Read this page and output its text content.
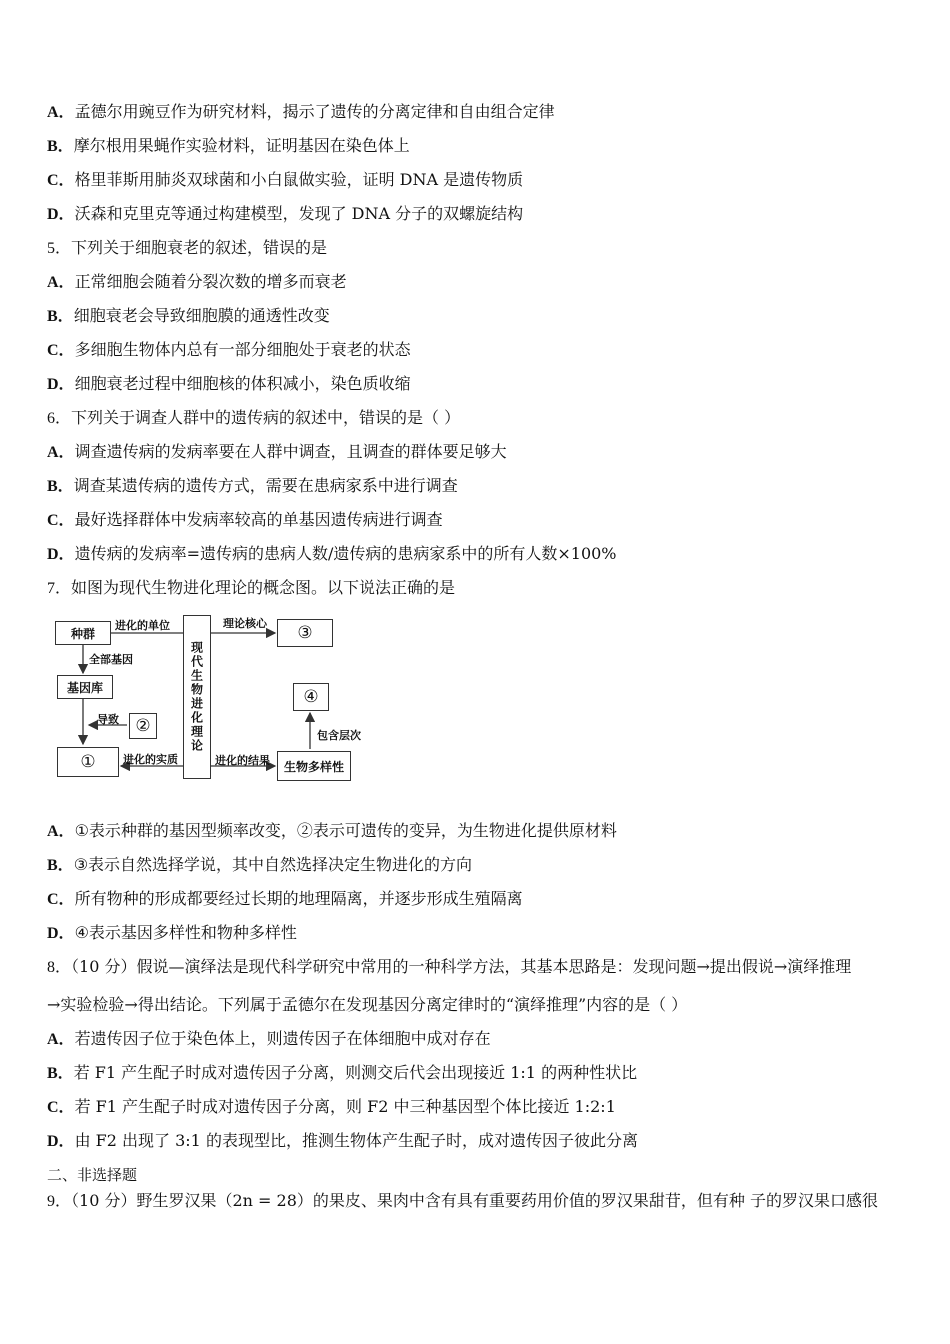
A．孟德尔用豌豆作为研究材料，揭示了遗传的分离定律和自由组合定律
B．摩尔根用果蝇作实验材料，证明基因在染色体上
C．格里菲斯用肺炎双球菌和小白鼠做实验，证明 DNA 是遗传物质
D．沃森和克里克等通过构建模型，发现了 DNA 分子的双螺旋结构
5．下列关于细胞衰老的叙述，错误的是
A．正常细胞会随着分裂次数的增多而衰老
B．细胞衰老会导致细胞膜的通透性改变
C．多细胞生物体内总有一部分细胞处于衰老的状态
D．细胞衰老过程中细胞核的体积减小，染色质收缩
6．下列关于调查人群中的遗传病的叙述中，错误的是（ ）
A．调查遗传病的发病率要在人群中调查，且调查的群体要足够大
B．调查某遗传病的遗传方式，需要在患病家系中进行调查
C．最好选择群体中发病率较高的单基因遗传病进行调查
D．遗传病的发病率=遗传病的患病人数/遗传病的患病家系中的所有人数×100%
7．如图为现代生物进化理论的概念图。以下说法正确的是
种群
进化的单位
全部基因
基因库
导致 ②
①	进化的实质
现代生物进化理论
理论核心	③
④
包含层次
进化的结果	生物多样性
A．①表示种群的基因型频率改变，②表示可遗传的变异，为生物进化提供原材料
B．③表示自然选择学说，其中自然选择决定生物进化的方向
C．所有物种的形成都要经过长期的地理隔离，并逐步形成生殖隔离
D．④表示基因多样性和物种多样性
8．（10 分）假说—演绎法是现代科学研究中常用的一种科学方法，其基本思路是：发现问题→提出假说→演绎推理
→实验检验→得出结论。下列属于孟德尔在发现基因分离定律时的“演绎推理”内容的是（ ）
A．若遗传因子位于染色体上，则遗传因子在体细胞中成对存在
B．若 F1 产生配子时成对遗传因子分离，则测交后代会出现接近 1:1 的两种性状比
C．若 F1 产生配子时成对遗传因子分离，则 F2 中三种基因型个体比接近 1:2:1
D．由 F2 出现了 3:1 的表现型比，推测生物体产生配子时，成对遗传因子彼此分离
二、非选择题
9．（10 分）野生罗汉果（2n = 28）的果皮、果肉中含有具有重要药用价值的罗汉果甜苷，但有种 子的罗汉果口感很
